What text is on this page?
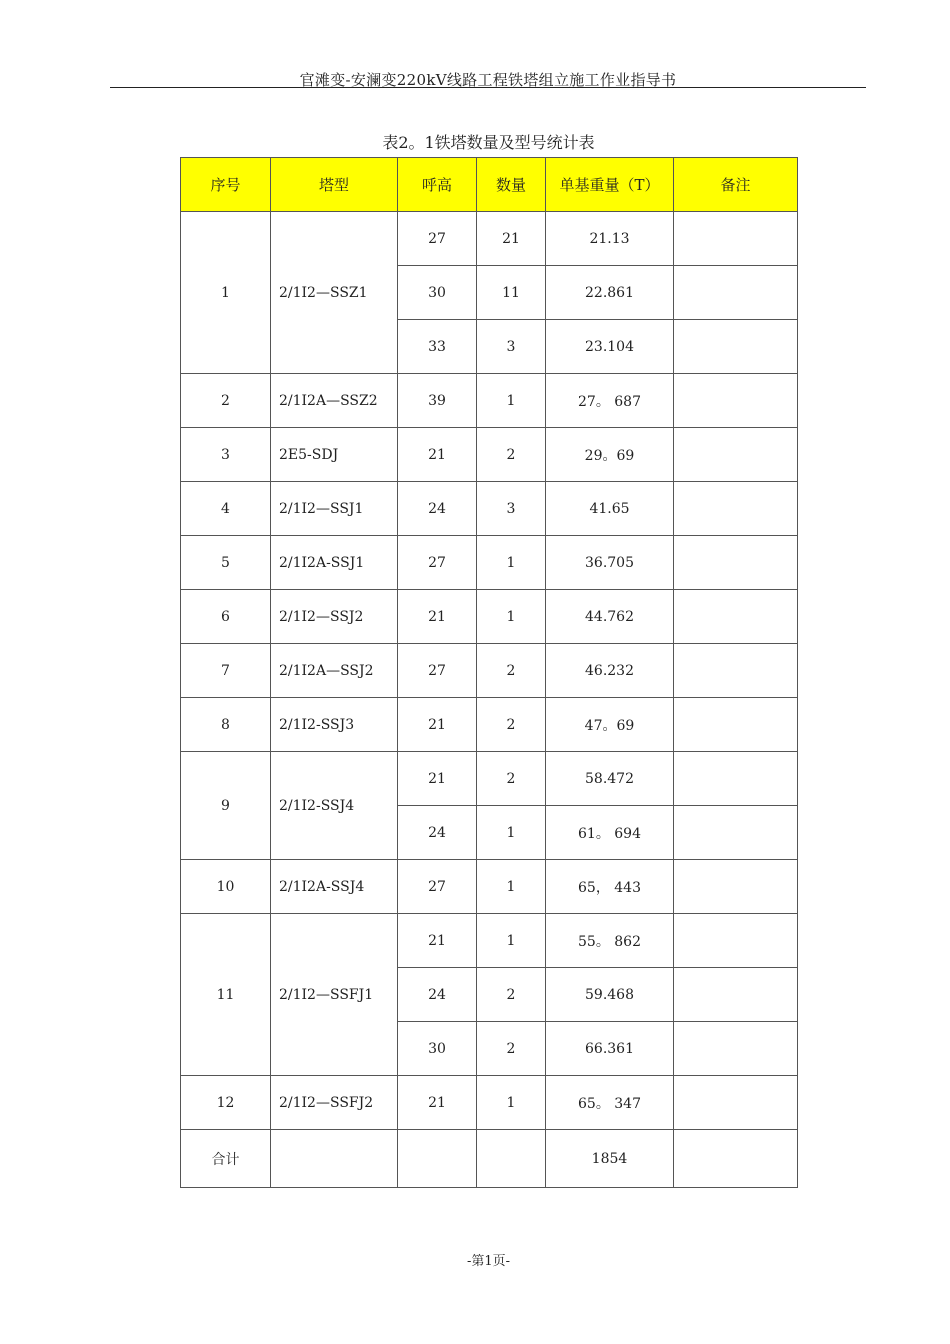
官滩变-安澜变220kV线路工程铁塔组立施工作业指导书
表2。1铁塔数量及型号统计表
序号	塔型	呼高	数量	单基重量（T）	备注
1	2/1I2—SSZ1	27	21	21.13	
		30	11	22.861	
		33	3	23.104	
2	2/1I2A—SSZ2	39	1	27。 687	
3	2E5-SDJ	21	2	29。69	
4	2/1I2—SSJ1	24	3	41.65	
5	2/1I2A-SSJ1	27	1	36.705	
6	2/1I2—SSJ2	21	1	44.762	
7	2/1I2A—SSJ2	27	2	46.232	
8	2/1I2-SSJ3	21	2	47。69	
9	2/1I2-SSJ4	21	2	58.472	
		24	1	61。 694	
10	2/1I2A-SSJ4	27	1	65， 443	
11	2/1I2—SSFJ1	21	1	55。 862	
		24	2	59.468	
		30	2	66.361	
12	2/1I2—SSFJ2	21	1	65。 347	
合计				1854	
-第1页-
